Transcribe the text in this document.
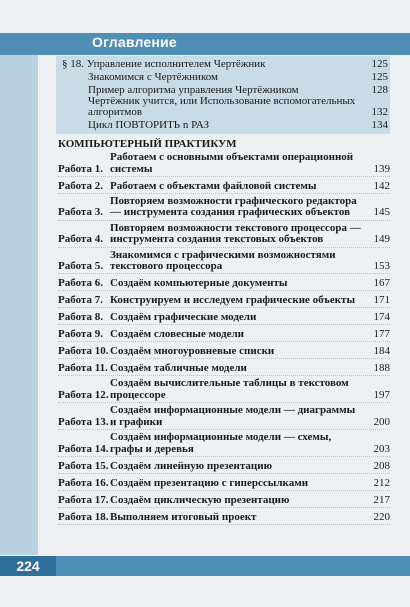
Оглавление
§ 18. Управление исполнителем Чертёжник	125
Знакомимся с Чертёжником	125
Пример алгоритма управления Чертёжником	128
Чертёжник учится, или Использование вспомогательных алгоритмов	132
Цикл ПОВТОРИТЬ n РАЗ	134
КОМПЬЮТЕРНЫЙ ПРАКТИКУМ
Работа 1.
Работаем с основными объектами операционной системы	139
Работа 2. Работаем с объектами файловой системы	142
Работа 3.
Повторяем возможности графического редактора — инструмента создания графических объектов	145
Работа 4.
Повторяем возможности текстового процессора — инструмента создания текстовых объектов	149
Работа 5.
Знакомимся с графическими возможностями текстового процессора	153
Работа 6. Создаём компьютерные документы	167
Работа 7. Конструируем и исследуем графические объекты	171
Работа 8. Создаём графические модели	174
Работа 9. Создаём словесные модели	177
Работа 10. Создаём многоуровневые списки	184
Работа 11. Создаём табличные модели	188
Работа 12.
Создаём вычислительные таблицы в текстовом процессоре	197
Работа 13.
Создаём информационные модели — диаграммы и графики	200
Работа 14.
Создаём информационные модели — схемы, графы и деревья	203
Работа 15. Создаём линейную презентацию	208
Работа 16. Создаём презентацию с гиперссылками	212
Работа 17. Создаём циклическую презентацию	217
Работа 18. Выполняем итоговый проект	220
224
